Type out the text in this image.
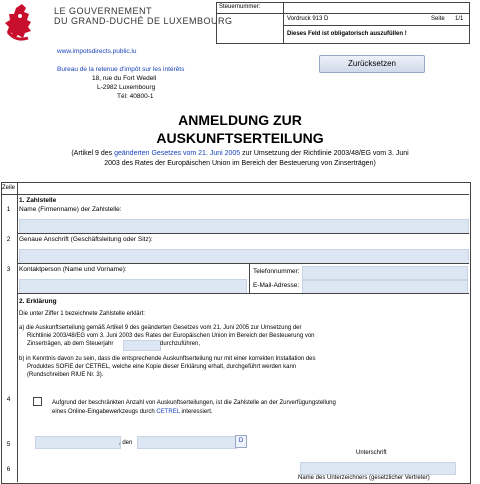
LE GOUVERNEMENT
DU GRAND-DUCHÉ DE LUXEMBOURG
Steuernummer:
Vordruck 913 D	Seite 1/1
Dieses Feld ist obligatorisch auszufüllen !
www.impotsdirects.public.lu
Bureau de la retenue d'impôt sur les intérêts
18, rue du Fort Wedell
L-2982 Luxembourg
Tél: 40800-1
Zurücksetzen
ANMELDUNG ZUR
AUSKUNFTSERTEILUNG
(Artikel 9 des geänderten Gesetzes vom 21. Juni 2005 zur Umsetzung der Richtlinie 2003/48/EG vom 3. Juni
2003 des Rates der Europäischen Union im Bereich der Besteuerung von Zinserträgen)
Zeile
1. Zahlstelle
1	Name (Firmenname) der Zahlstelle:
2	Genaue Anschrift (Geschäftsleitung oder Sitz):
3	Kontaktperson (Name und Vorname):	Telefonnummer:
E-Mail-Adresse:
2. Erklärung
Die unter Ziffer 1 bezeichnete Zahlstelle erklärt:
a) die Auskunftserteilung gemäß Artikel 9 des geänderten Gesetzes vom 21. Juni 2005 zur Umsetzung der
Richtlinie 2003/48/EG vom 3. Juni 2003 des Rates der Europäischen Union im Bereich der Besteuerung von
Zinserträgen, ab dem Steuerjahr	durchzuführen,
b) in Kenntnis davon zu sein, dass die entsprechende Auskunftserteilung nur mit einer korrekten Installation des
Produktes SOFiE der CETREL, welche eine Kopie dieser Erklärung erhalt, durchgeführt werden kann
(Rundschreiben RIUE Nr. 3).
4	Aufgrund der beschränkten Anzahl von Auskunftserteilungen, ist die Zahlstelle an der Zurverfügungstellung
eines Online-Eingabewerkzeugs durch CETREL interessiert.
5	, den	D
Unterschrift
6
Name des Unterzeichners (gesetzlicher Vertreter)
